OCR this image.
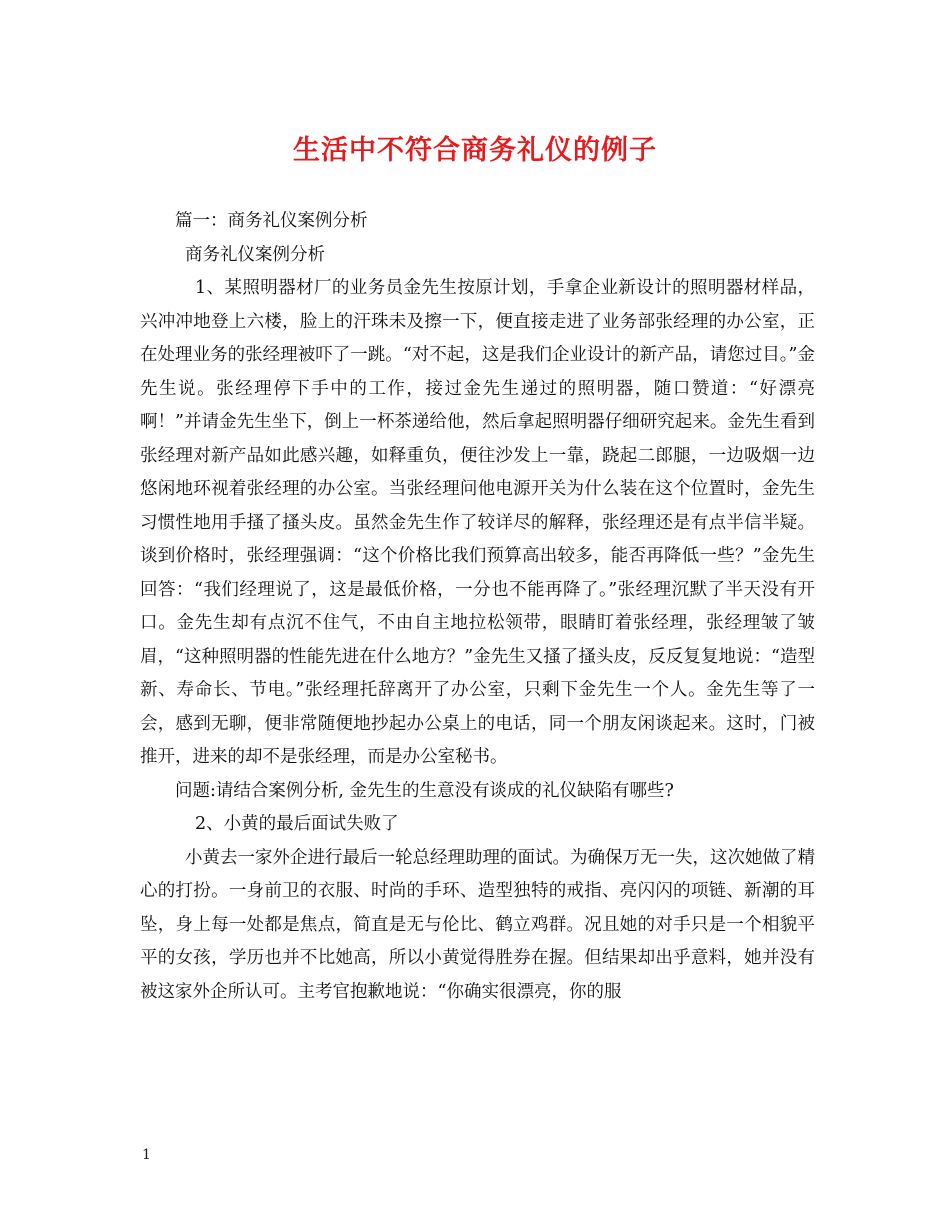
生活中不符合商务礼仪的例子

篇一：商务礼仪案例分析

商务礼仪案例分析

1、某照明器材厂的业务员金先生按原计划，手拿企业新设计的照明器材样品，兴冲冲地登上六楼，脸上的汗珠未及擦一下，便直接走进了业务部张经理的办公室，正在处理业务的张经理被吓了一跳。“对不起，这是我们企业设计的新产品，请您过目。”金先生说。张经理停下手中的工作，接过金先生递过的照明器，随口赞道：“好漂亮啊！”并请金先生坐下，倒上一杯茶递给他，然后拿起照明器仔细研究起来。金先生看到张经理对新产品如此感兴趣，如释重负，便往沙发上一靠，跷起二郎腿，一边吸烟一边悠闲地环视着张经理的办公室。当张经理问他电源开关为什么装在这个位置时，金先生习惯性地用手搔了搔头皮。虽然金先生作了较详尽的解释，张经理还是有点半信半疑。谈到价格时，张经理强调：“这个价格比我们预算高出较多，能否再降低一些？”金先生回答：“我们经理说了，这是最低价格，一分也不能再降了。”张经理沉默了半天没有开口。金先生却有点沉不住气，不由自主地拉松领带，眼睛盯着张经理，张经理皱了皱眉，“这种照明器的性能先进在什么地方？”金先生又搔了搔头皮，反反复复地说：“造型新、寿命长、节电。”张经理托辞离开了办公室，只剩下金先生一个人。金先生等了一会，感到无聊，便非常随便地抄起办公桌上的电话，同一个朋友闲谈起来。这时，门被推开，进来的却不是张经理，而是办公室秘书。

问题:请结合案例分析, 金先生的生意没有谈成的礼仪缺陷有哪些?

2、小黄的最后面试失败了

小黄去一家外企进行最后一轮总经理助理的面试。为确保万无一失，这次她做了精心的打扮。一身前卫的衣服、时尚的手环、造型独特的戒指、亮闪闪的项链、新潮的耳坠，身上每一处都是焦点，简直是无与伦比、鹤立鸡群。况且她的对手只是一个相貌平平的女孩，学历也并不比她高，所以小黄觉得胜券在握。但结果却出乎意料，她并没有被这家外企所认可。主考官抱歉地说：“你确实很漂亮，你的服

1
